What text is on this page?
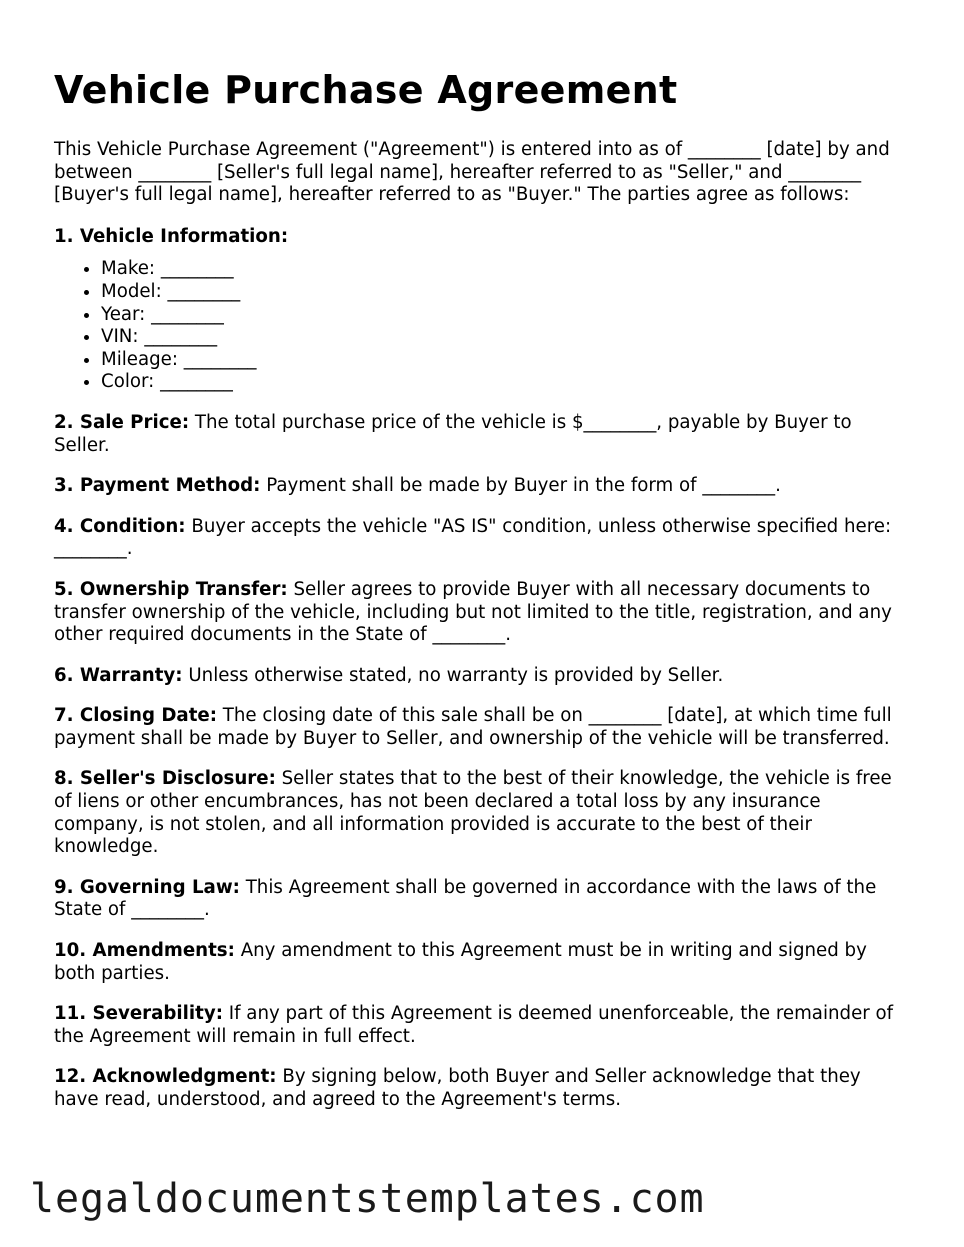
Vehicle Purchase Agreement

This Vehicle Purchase Agreement ("Agreement") is entered into as of ________ [date] by and between ________ [Seller's full legal name], hereafter referred to as "Seller," and ________ [Buyer's full legal name], hereafter referred to as "Buyer." The parties agree as follows:

1. Vehicle Information:

• Make: ________
• Model: ________
• Year: ________
• VIN: ________
• Mileage: ________
• Color: ________

2. Sale Price: The total purchase price of the vehicle is $________, payable by Buyer to Seller.

3. Payment Method: Payment shall be made by Buyer in the form of ________.

4. Condition: Buyer accepts the vehicle "AS IS" condition, unless otherwise specified here: ________.

5. Ownership Transfer: Seller agrees to provide Buyer with all necessary documents to transfer ownership of the vehicle, including but not limited to the title, registration, and any other required documents in the State of ________.

6. Warranty: Unless otherwise stated, no warranty is provided by Seller.

7. Closing Date: The closing date of this sale shall be on ________ [date], at which time full payment shall be made by Buyer to Seller, and ownership of the vehicle will be transferred.

8. Seller's Disclosure: Seller states that to the best of their knowledge, the vehicle is free of liens or other encumbrances, has not been declared a total loss by any insurance company, is not stolen, and all information provided is accurate to the best of their knowledge.

9. Governing Law: This Agreement shall be governed in accordance with the laws of the State of ________.

10. Amendments: Any amendment to this Agreement must be in writing and signed by both parties.

11. Severability: If any part of this Agreement is deemed unenforceable, the remainder of the Agreement will remain in full effect.

12. Acknowledgment: By signing below, both Buyer and Seller acknowledge that they have read, understood, and agreed to the Agreement's terms.

legaldocumentstemplates.com
